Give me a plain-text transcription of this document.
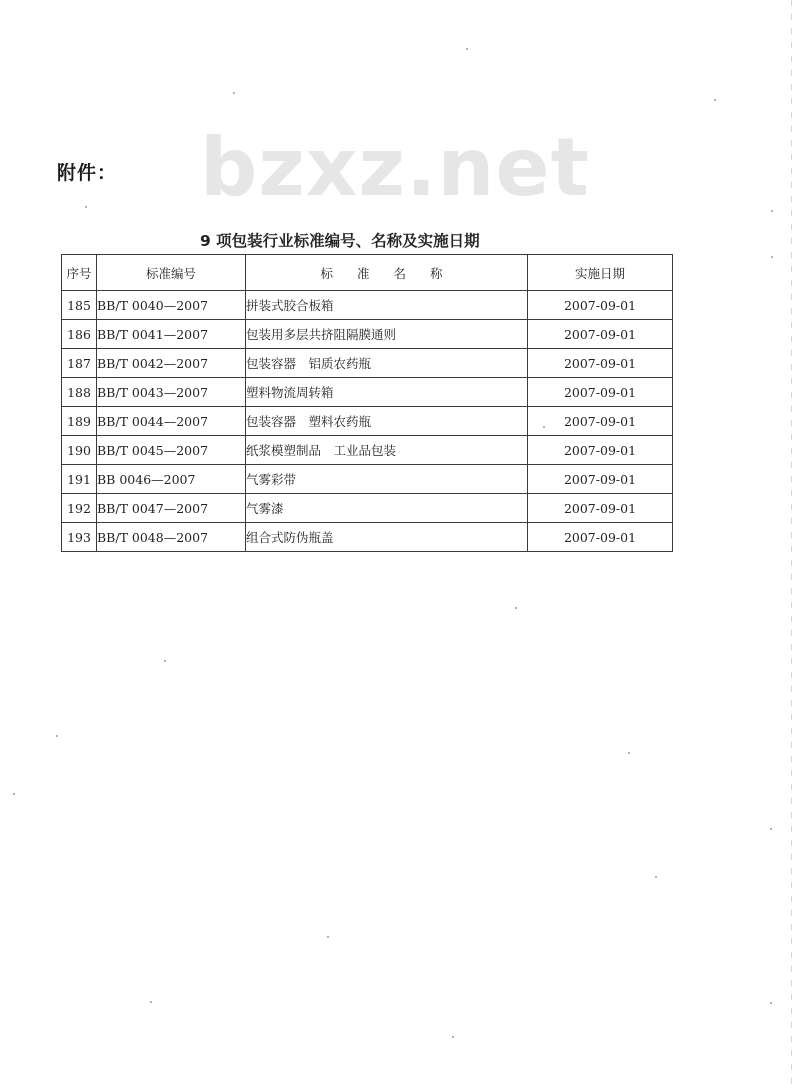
bzxz.net
附件：
9 项包装行业标准编号、名称及实施日期
序号	标准编号	标 准 名 称	实施日期
185	BB/T 0040—2007	拼装式胶合板箱	2007-09-01
186	BB/T 0041—2007	包装用多层共挤阻隔膜通则	2007-09-01
187	BB/T 0042—2007	包装容器　铝质农药瓶	2007-09-01
188	BB/T 0043—2007	塑料物流周转箱	2007-09-01
189	BB/T 0044—2007	包装容器　塑料农药瓶	2007-09-01
190	BB/T 0045—2007	纸浆模塑制品　工业品包装	2007-09-01
191	BB 0046—2007	气雾彩带	2007-09-01
192	BB/T 0047—2007	气雾漆	2007-09-01
193	BB/T 0048—2007	组合式防伪瓶盖	2007-09-01
